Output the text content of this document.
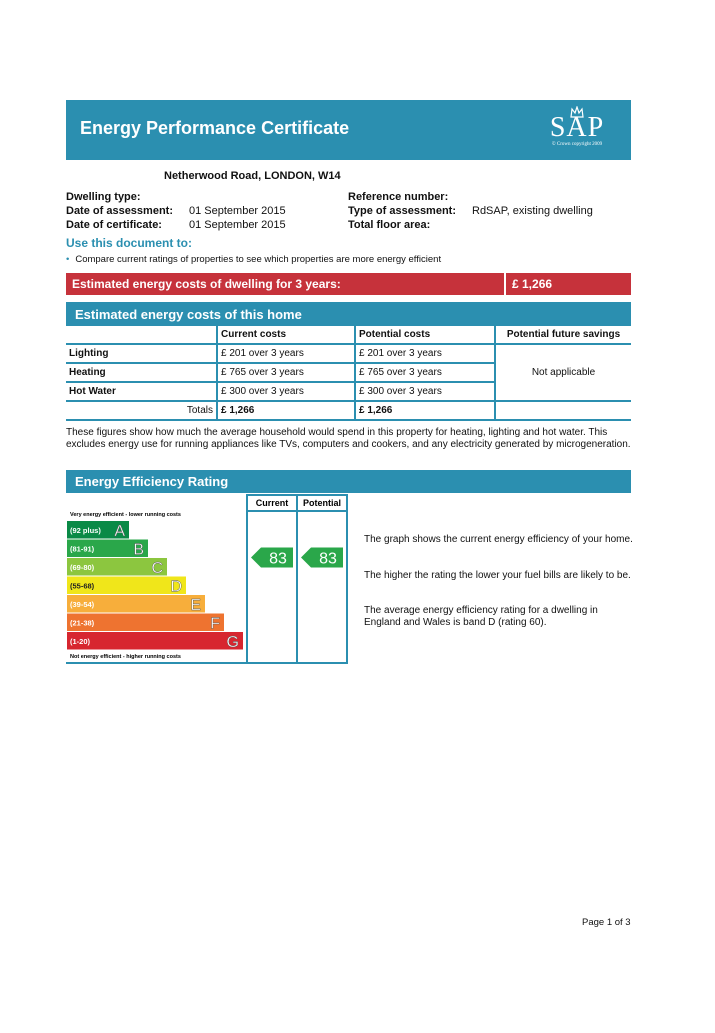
Energy Performance Certificate	SAP
© Crown copyright 2009
Netherwood Road, LONDON, W14
Dwelling type:
Date of assessment: 01 September 2015
Date of certificate: 01 September 2015
Reference number:
Type of assessment: RdSAP, existing dwelling
Total floor area:
Use this document to:
• Compare current ratings of properties to see which properties are more energy efficient
Estimated energy costs of dwelling for 3 years:	£ 1,266
Estimated energy costs of this home
	Current costs	Potential costs	Potential future savings
Lighting	£ 201 over 3 years	£ 201 over 3 years	Not applicable
Heating	£ 765 over 3 years	£ 765 over 3 years	
Hot Water	£ 300 over 3 years	£ 300 over 3 years	
Totals	£ 1,266	£ 1,266	
These figures show how much the average household would spend in this property for heating, lighting and hot water. This excludes energy use for running appliances like TVs, computers and cookers, and any electricity generated by microgeneration.
Energy Efficiency Rating
Current Potential
Very energy efficient - lower running costs
Not energy efficient - higher running costs
(92 plus) A
(81-91) B
(69-80)	C
(55-68)	D
(39-54)	E
(21-38)	F
(1-20)	G
83 83
The graph shows the current energy efficiency of your home.
The higher the rating the lower your fuel bills are likely to be.
The average energy efficiency rating for a dwelling in England and Wales is band D (rating 60).
Page 1 of 3
